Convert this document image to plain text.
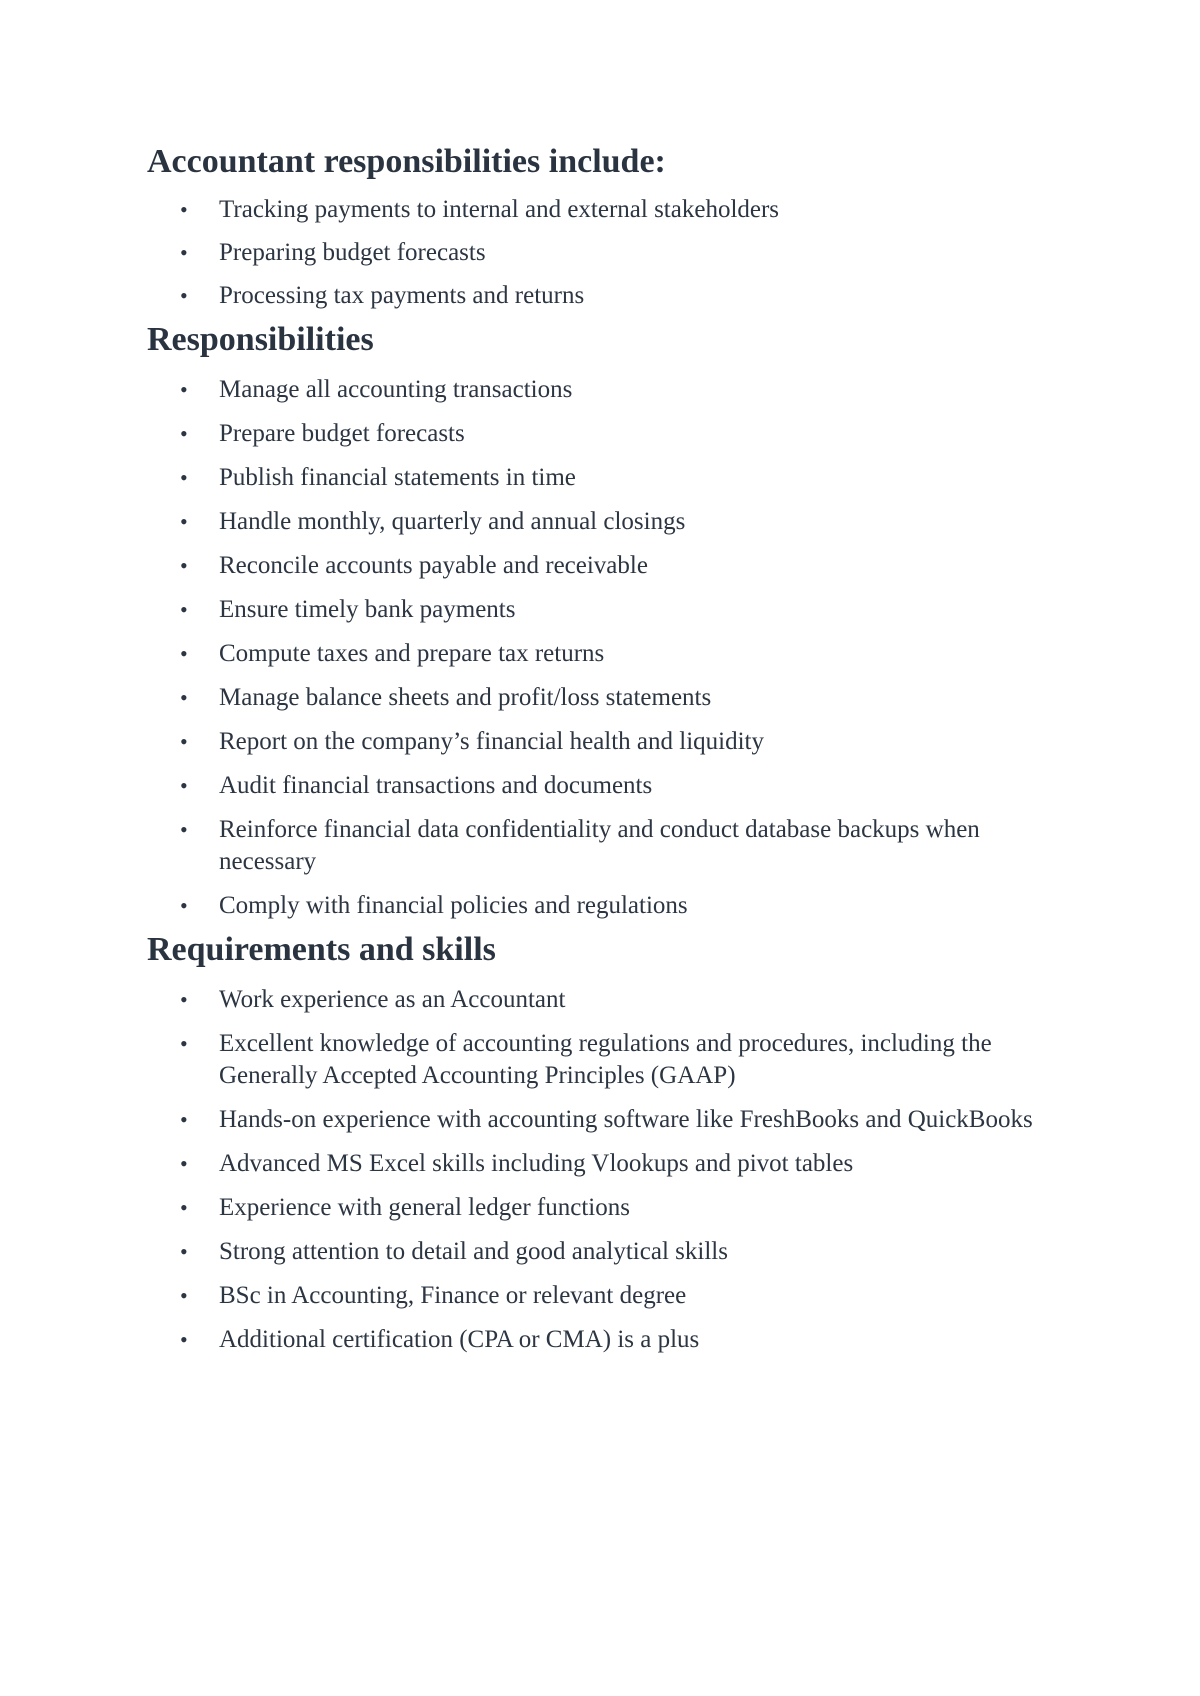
Accountant responsibilities include:
• Tracking payments to internal and external stakeholders
• Preparing budget forecasts
• Processing tax payments and returns
Responsibilities
• Manage all accounting transactions
• Prepare budget forecasts
• Publish financial statements in time
• Handle monthly, quarterly and annual closings
• Reconcile accounts payable and receivable
• Ensure timely bank payments
• Compute taxes and prepare tax returns
• Manage balance sheets and profit/loss statements
• Report on the company’s financial health and liquidity
• Audit financial transactions and documents
• Reinforce financial data confidentiality and conduct database backups when necessary
• Comply with financial policies and regulations
Requirements and skills
• Work experience as an Accountant
• Excellent knowledge of accounting regulations and procedures, including the Generally Accepted Accounting Principles (GAAP)
• Hands-on experience with accounting software like FreshBooks and QuickBooks
• Advanced MS Excel skills including Vlookups and pivot tables
• Experience with general ledger functions
• Strong attention to detail and good analytical skills
• BSc in Accounting, Finance or relevant degree
• Additional certification (CPA or CMA) is a plus
